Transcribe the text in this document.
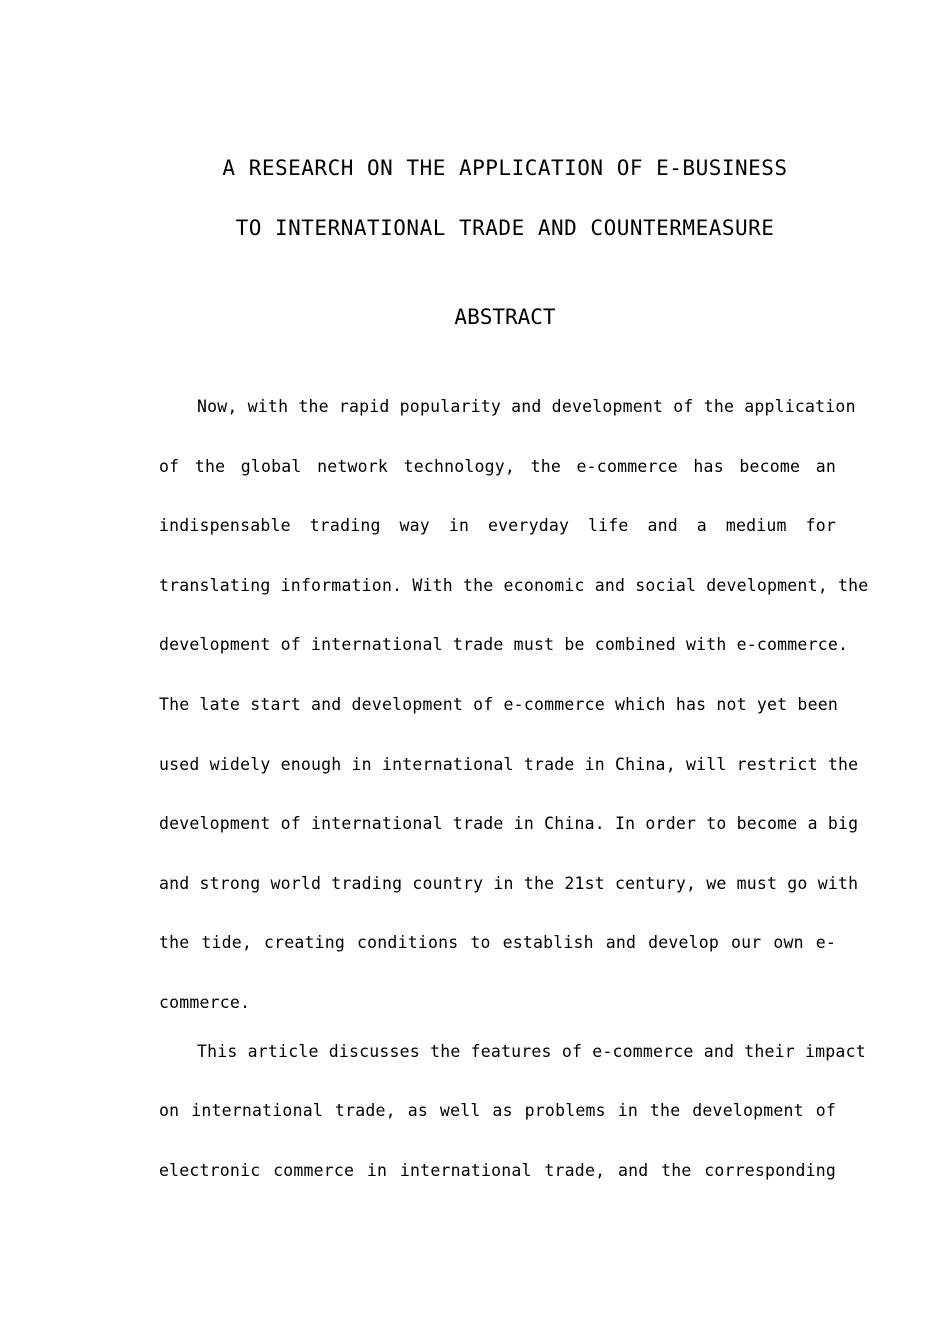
A RESEARCH ON THE APPLICATION OF E-BUSINESS
TO INTERNATIONAL TRADE AND COUNTERMEASURE
ABSTRACT
Now, with the rapid popularity and development of the application
of the global network technology, the e-commerce has become an
indispensable trading way in everyday life and a medium for
translating information. With the economic and social development, the
development of international trade must be combined with e-commerce.
The late start and development of e-commerce which has not yet been
used widely enough in international trade in China, will restrict the
development of international trade in China. In order to become a big
and strong world trading country in the 21st century, we must go with
the tide, creating conditions to establish and develop our own e-
commerce.
This article discusses the features of e-commerce and their impact
on international trade, as well as problems in the development of
electronic commerce in international trade, and the corresponding
